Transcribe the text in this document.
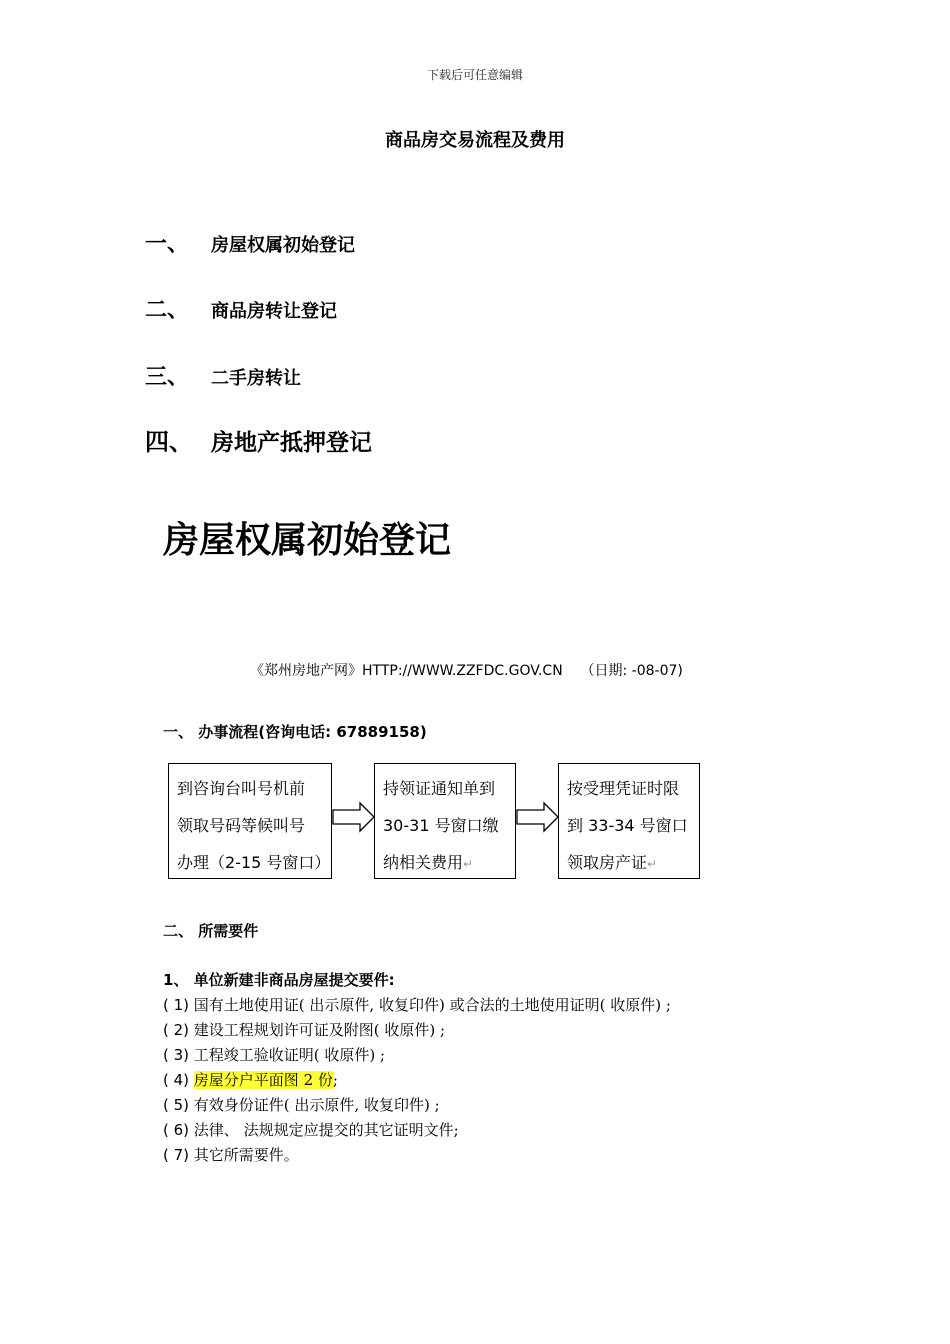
下载后可任意编辑
商品房交易流程及费用
一、	房屋权属初始登记
二、	商品房转让登记
三、	二手房转让
四、 房地产抵押登记
房屋权属初始登记
《郑州房地产网》HTTP://WWW.ZZFDC.GOV.CN （日期: -08-07)
一、 办事流程(咨询电话: 67889158)
到咨询台叫号机前
领取号码等候叫号
办理（2-15 号窗口）
持领证通知单到
30-31 号窗口缴
纳相关费用↵
按受理凭证时限
到 33-34 号窗口
领取房产证↵
二、 所需要件
1、 单位新建非商品房屋提交要件:
( 1) 国有土地使用证( 出示原件, 收复印件) 或合法的土地使用证明( 收原件) ;
( 2) 建设工程规划许可证及附图( 收原件) ;
( 3) 工程竣工验收证明( 收原件) ;
( 4) 房屋分户平面图 2 份;
( 5) 有效身份证件( 出示原件, 收复印件) ;
( 6) 法律、 法规规定应提交的其它证明文件;
( 7) 其它所需要件。
